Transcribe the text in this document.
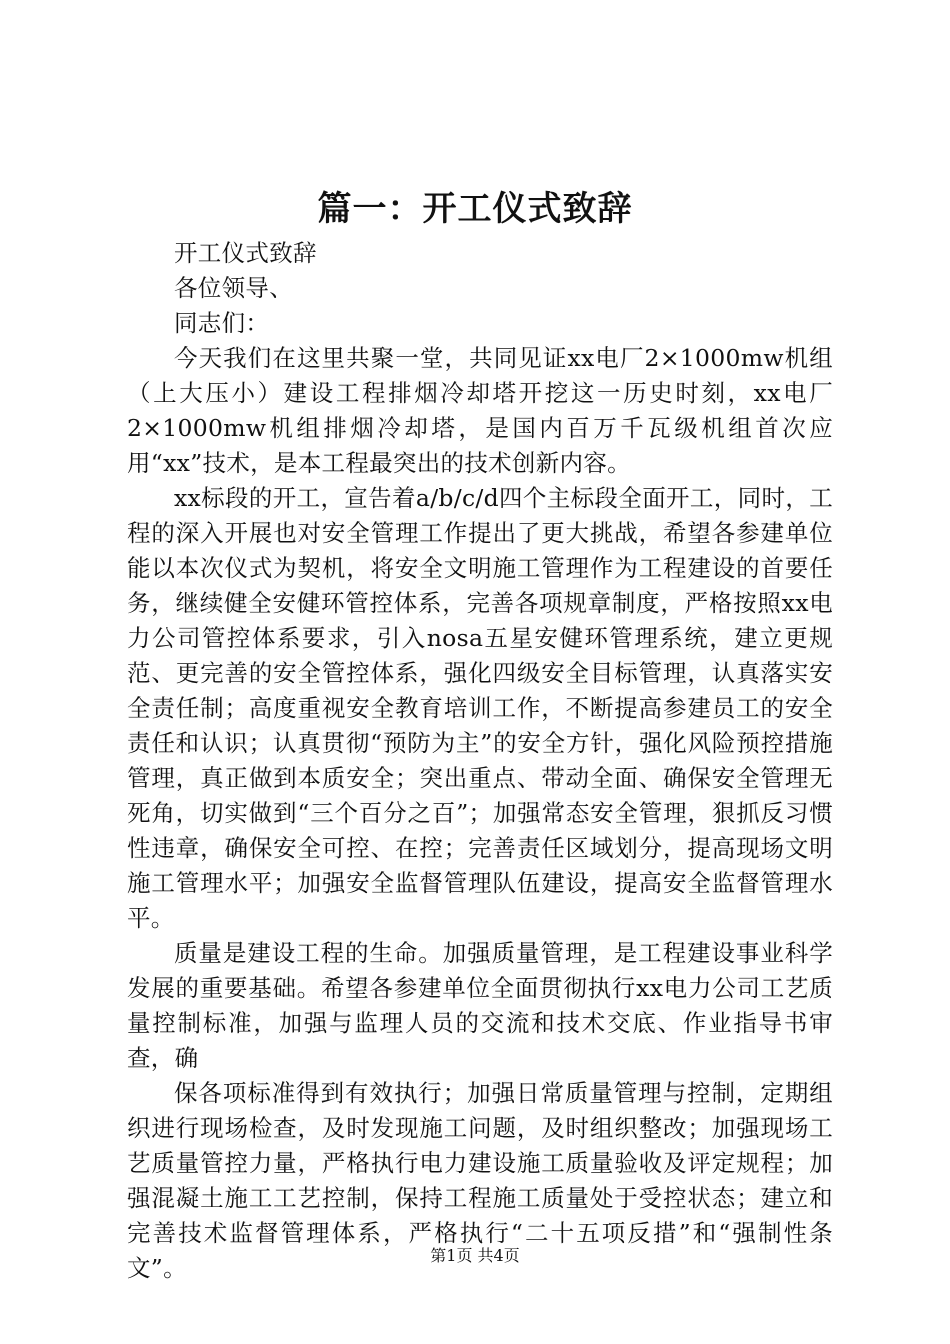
篇一：开工仪式致辞

开工仪式致辞

各位领导、

同志们：

今天我们在这里共聚一堂，共同见证xx电厂2×1000mw机组（上大压小）建设工程排烟冷却塔开挖这一历史时刻，xx电厂2×1000mw机组排烟冷却塔，是国内百万千瓦级机组首次应用“xx”技术，是本工程最突出的技术创新内容。

xx标段的开工，宣告着a/b/c/d四个主标段全面开工，同时，工程的深入开展也对安全管理工作提出了更大挑战，希望各参建单位能以本次仪式为契机，将安全文明施工管理作为工程建设的首要任务，继续健全安健环管控体系，完善各项规章制度，严格按照xx电力公司管控体系要求，引入nosa五星安健环管理系统，建立更规范、更完善的安全管控体系，强化四级安全目标管理，认真落实安全责任制；高度重视安全教育培训工作，不断提高参建员工的安全责任和认识；认真贯彻“预防为主”的安全方针，强化风险预控措施管理，真正做到本质安全；突出重点、带动全面、确保安全管理无死角，切实做到“三个百分之百”；加强常态安全管理，狠抓反习惯性违章，确保安全可控、在控；完善责任区域划分，提高现场文明施工管理水平；加强安全监督管理队伍建设，提高安全监督管理水平。

质量是建设工程的生命。加强质量管理，是工程建设事业科学发展的重要基础。希望各参建单位全面贯彻执行xx电力公司工艺质量控制标准，加强与监理人员的交流和技术交底、作业指导书审查，确

保各项标准得到有效执行；加强日常质量管理与控制，定期组织进行现场检查，及时发现施工问题，及时组织整改；加强现场工艺质量管控力量，严格执行电力建设施工质量验收及评定规程；加强混凝土施工工艺控制，保持工程施工质量处于受控状态；建立和完善技术监督管理体系，严格执行“二十五项反措”和“强制性条文”。	第1页 共4页
